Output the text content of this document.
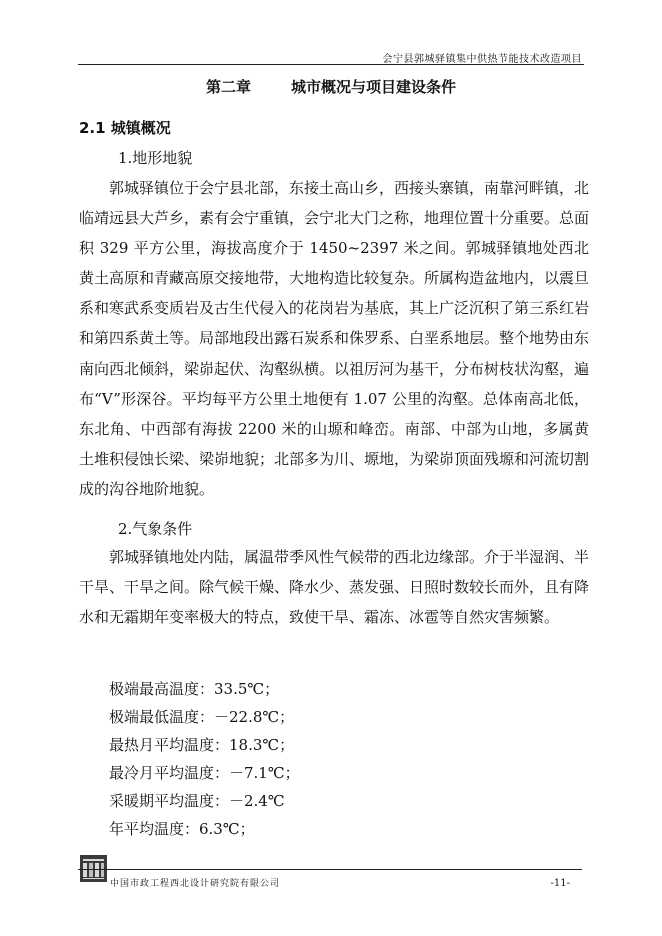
会宁县郭城驿镇集中供热节能技术改造项目
第二章	城市概况与项目建设条件
2.1 城镇概况
1.地形地貌

郭城驿镇位于会宁县北部，东接土高山乡，西接头寨镇，南靠河畔镇，北临靖远县大芦乡，素有会宁重镇，会宁北大门之称，地理位置十分重要。总面积 329 平方公里，海拔高度介于 1450~2397 米之间。郭城驿镇地处西北黄土高原和青藏高原交接地带，大地构造比较复杂。所属构造盆地内，以震旦系和寒武系变质岩及古生代侵入的花岗岩为基底，其上广泛沉积了第三系红岩和第四系黄土等。局部地段出露石炭系和侏罗系、白垩系地层。整个地势由东南向西北倾斜，梁峁起伏、沟壑纵横。以祖厉河为基干，分布树枝状沟壑，遍布“V”形深谷。平均每平方公里土地便有 1.07 公里的沟壑。总体南高北低，东北角、中西部有海拔 2200 米的山塬和峰峦。南部、中部为山地，多属黄土堆积侵蚀长梁、梁峁地貌；北部多为川、塬地，为梁峁顶面残塬和河流切割成的沟谷地阶地貌。

2.气象条件

郭城驿镇地处内陆，属温带季风性气候带的西北边缘部。介于半湿润、半干旱、干旱之间。除气候干燥、降水少、蒸发强、日照时数较长而外，且有降水和无霜期年变率极大的特点，致使干旱、霜冻、冰雹等自然灾害频繁。

极端最高温度：33.5℃；
极端最低温度：－22.8℃；
最热月平均温度：18.3℃；
最冷月平均温度：－7.1℃；
采暖期平均温度：－2.4℃
年平均温度：6.3℃；
中国市政工程西北设计研究院有限公司	-11-
